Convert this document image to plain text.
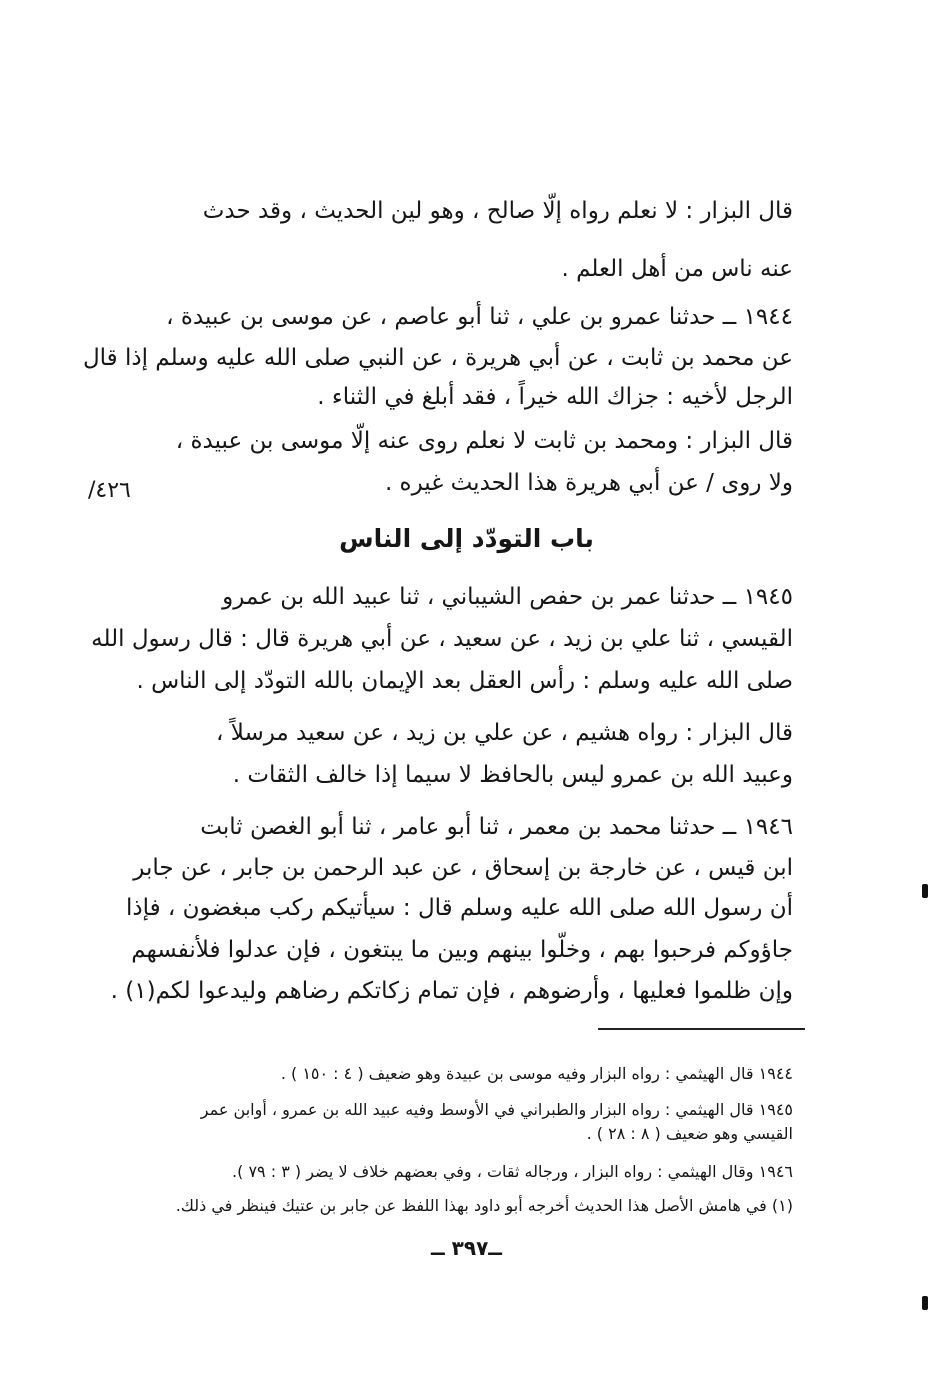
قال البزار : لا نعلم رواه إلّا صالح ، وهو لين الحديث ، وقد حدث
عنه ناس من أهل العلم .
١٩٤٤ ــ حدثنا عمرو بن علي ، ثنا أبو عاصم ، عن موسى بن عبيدة ،
عن محمد بن ثابت ، عن أبي هريرة ، عن النبي صلى الله عليه وسلم إذا قال
الرجل لأخيه : جزاك الله خيراً ، فقد أبلغ في الثناء .
قال البزار : ومحمد بن ثابت لا نعلم روى عنه إلّا موسى بن عبيدة ،
ولا روى / عن أبي هريرة هذا الحديث غيره .
٤٢٦/
باب التودّد إلى الناس
١٩٤٥ ــ حدثنا عمر بن حفص الشيباني ، ثنا عبيد الله بن عمرو
القيسي ، ثنا علي بن زيد ، عن سعيد ، عن أبي هريرة قال : قال رسول الله
صلى الله عليه وسلم : رأس العقل بعد الإيمان بالله التودّد إلى الناس .
قال البزار : رواه هشيم ، عن علي بن زيد ، عن سعيد مرسلاً ،
وعبيد الله بن عمرو ليس بالحافظ لا سيما إذا خالف الثقات .
١٩٤٦ ــ حدثنا محمد بن معمر ، ثنا أبو عامر ، ثنا أبو الغصن ثابت
ابن قيس ، عن خارجة بن إسحاق ، عن عبد الرحمن بن جابر ، عن جابر
أن رسول الله صلى الله عليه وسلم قال : سيأتيكم ركب مبغضون ، فإذا
جاؤوكم فرحبوا بهم ، وخلّوا بينهم وبين ما يبتغون ، فإن عدلوا فلأنفسهم
وإن ظلموا فعليها ، وأرضوهم ، فإن تمام زكاتكم رضاهم وليدعوا لكم(١) .
١٩٤٤ قال الهيثمي : رواه البزار وفيه موسى بن عبيدة وهو ضعيف ( ٤ : ١٥٠ ) .
١٩٤٥ قال الهيثمي : رواه البزار والطبراني في الأوسط وفيه عبيد الله بن عمرو ، أوابن عمر
القيسي وهو ضعيف ( ٨ : ٢٨ ) .
١٩٤٦ وقال الهيثمي : رواه البزار ، ورجاله ثقات ، وفي بعضهم خلاف لا يضر ( ٣ : ٧٩ ).
(١) في هامش الأصل هذا الحديث أخرجه أبو داود بهذا اللفظ عن جابر بن عتيك فينظر في ذلك.
ــ٣٩٧ ــ
